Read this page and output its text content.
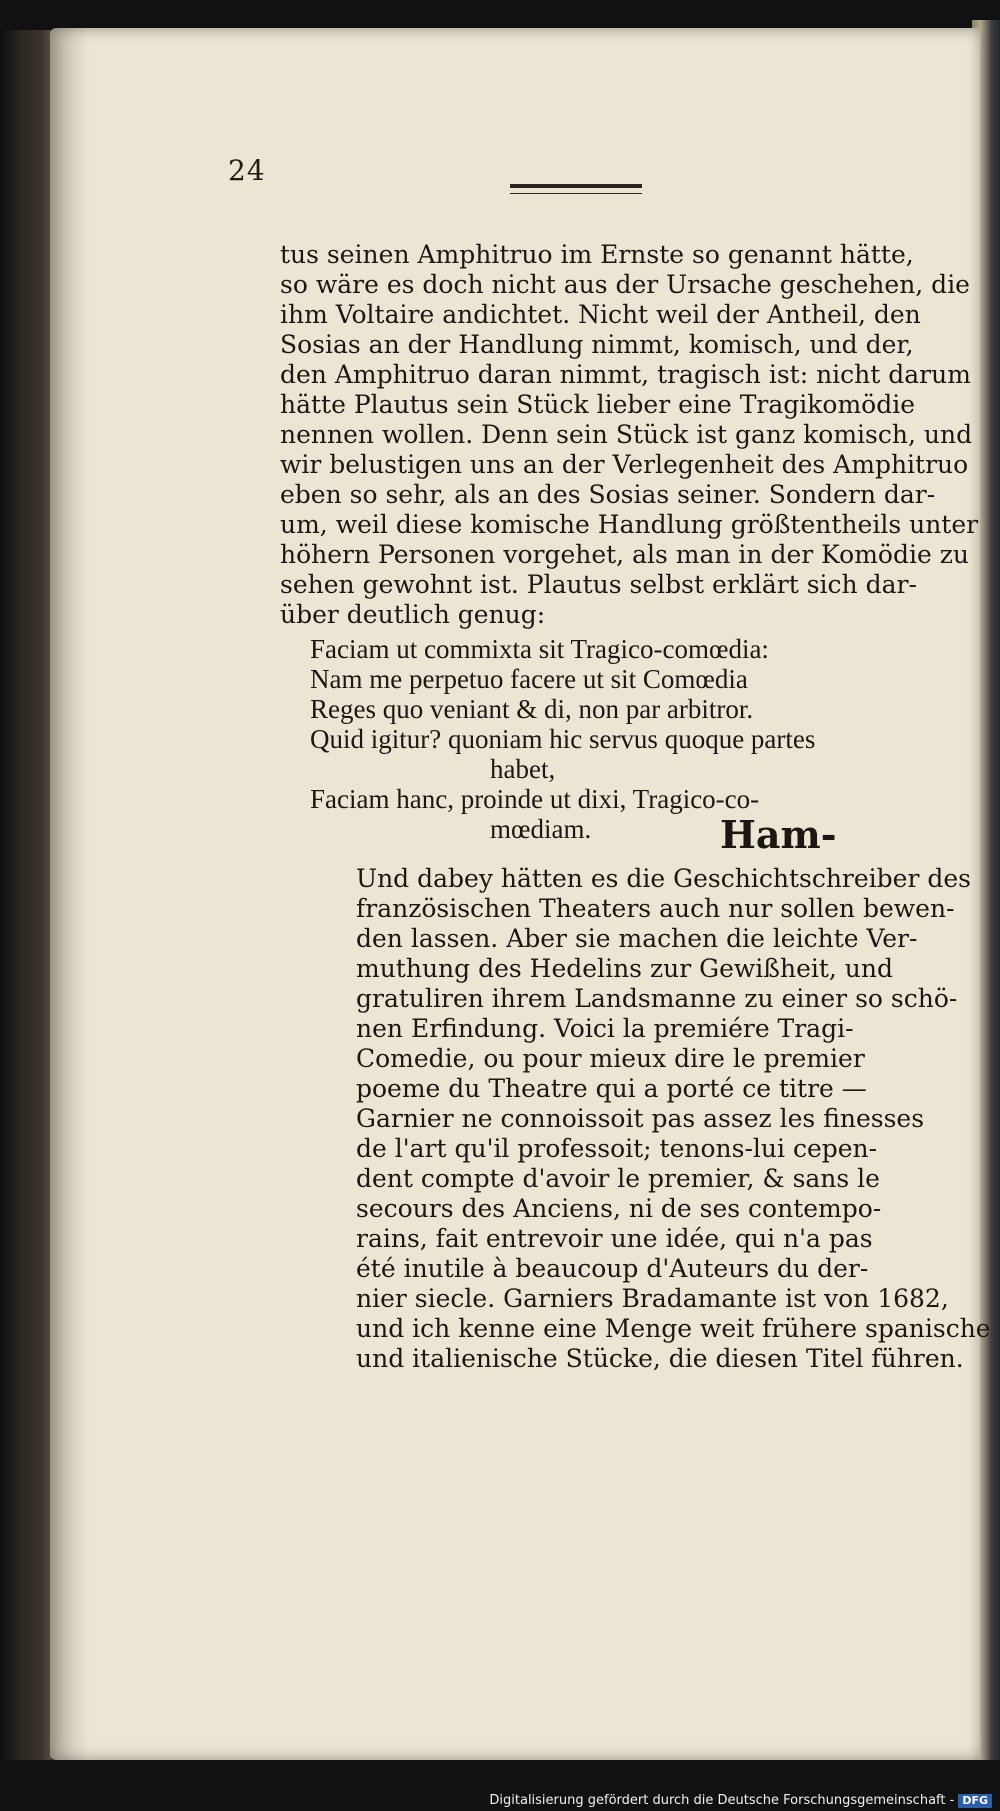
24
tus seinen Amphitruo im Ernste so genannt hätte,
so wäre es doch nicht aus der Ursache geschehen, die
ihm Voltaire andichtet. Nicht weil der Antheil, den
Sosias an der Handlung nimmt, komisch, und der,
den Amphitruo daran nimmt, tragisch ist: nicht darum
hätte Plautus sein Stück lieber eine Tragikomödie
nennen wollen. Denn sein Stück ist ganz komisch, und
wir belustigen uns an der Verlegenheit des Amphitruo
eben so sehr, als an des Sosias seiner. Sondern dar-
um, weil diese komische Handlung größtentheils unter
höhern Personen vorgehet, als man in der Komödie zu
sehen gewohnt ist. Plautus selbst erklärt sich dar-
über deutlich genug:
Faciam ut commixta sit Tragico-comœdia:
Nam me perpetuo facere ut sit Comœdia
Reges quo veniant & di, non par arbitror.
Quid igitur? quoniam hic servus quoque partes
habet,
Faciam hanc, proinde ut dixi, Tragico-co-
mœdiam.	Ham-
Und dabey hätten es die Geschichtschreiber des
französischen Theaters auch nur sollen bewen-
den lassen. Aber sie machen die leichte Ver-
muthung des Hedelins zur Gewißheit, und
gratuliren ihrem Landsmanne zu einer so schö-
nen Erfindung. Voici la premiére Tragi-
Comedie, ou pour mieux dire le premier
poeme du Theatre qui a porté ce titre —
Garnier ne connoissoit pas assez les finesses
de l'art qu'il professoit; tenons-lui cepen-
dent compte d'avoir le premier, & sans le
secours des Anciens, ni de ses contempo-
rains, fait entrevoir une idée, qui n'a pas
été inutile à beaucoup d'Auteurs du der-
nier siecle. Garniers Bradamante ist von 1682,
und ich kenne eine Menge weit frühere spanische
und italienische Stücke, die diesen Titel führen.
Digitalisierung gefördert durch die Deutsche Forschungsgemeinschaft - DFG
